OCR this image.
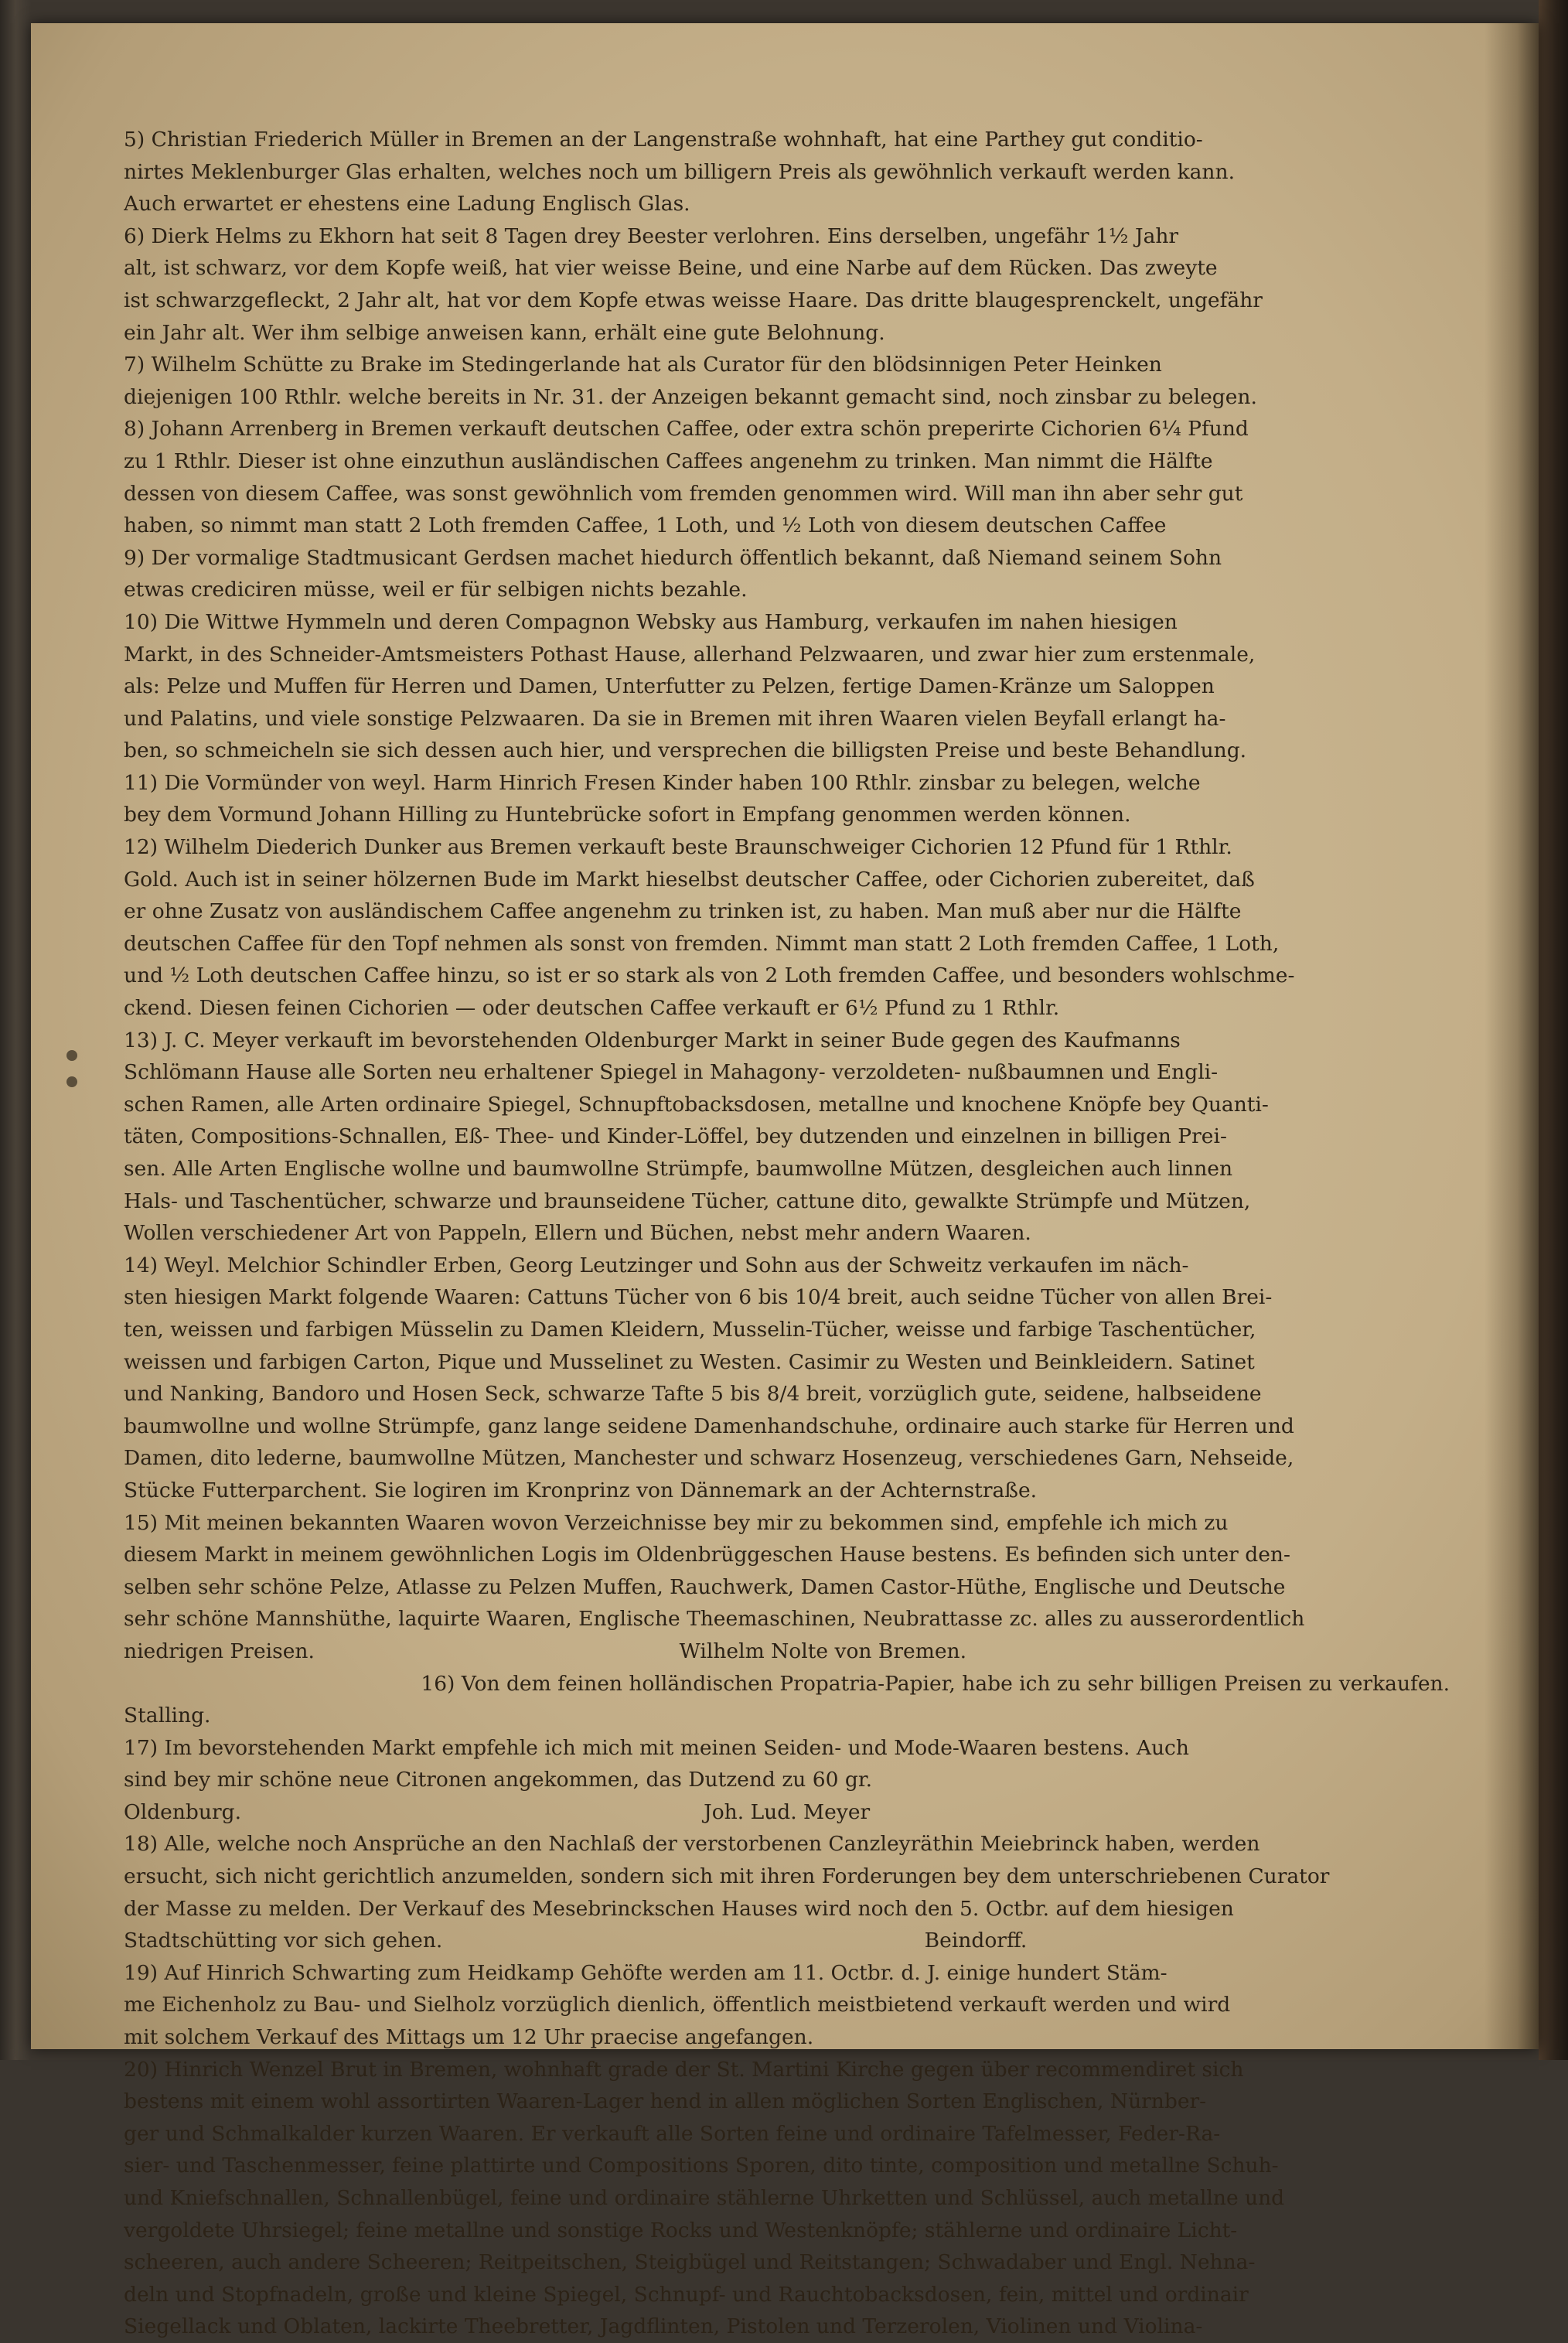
5) Christian Friederich Müller in Bremen an der Langenstraße wohnhaft, hat eine Parthey gut conditio-
nirtes Meklenburger Glas erhalten, welches noch um billigern Preis als gewöhnlich verkauft werden kann.
Auch erwartet er ehestens eine Ladung Englisch Glas.
6) Dierk Helms zu Ekhorn hat seit 8 Tagen drey Beester verlohren. Eins derselben, ungefähr 1½ Jahr
alt, ist schwarz, vor dem Kopfe weiß, hat vier weisse Beine, und eine Narbe auf dem Rücken. Das zweyte
ist schwarzgefleckt, 2 Jahr alt, hat vor dem Kopfe etwas weisse Haare. Das dritte blaugesprenckelt, ungefähr
ein Jahr alt. Wer ihm selbige anweisen kann, erhält eine gute Belohnung.
7) Wilhelm Schütte zu Brake im Stedingerlande hat als Curator für den blödsinnigen Peter Heinken
diejenigen 100 Rthlr. welche bereits in Nr. 31. der Anzeigen bekannt gemacht sind, noch zinsbar zu belegen.
8) Johann Arrenberg in Bremen verkauft deutschen Caffee, oder extra schön preperirte Cichorien 6¼ Pfund
zu 1 Rthlr. Dieser ist ohne einzuthun ausländischen Caffees angenehm zu trinken. Man nimmt die Hälfte
dessen von diesem Caffee, was sonst gewöhnlich vom fremden genommen wird. Will man ihn aber sehr gut
haben, so nimmt man statt 2 Loth fremden Caffee, 1 Loth, und ½ Loth von diesem deutschen Caffee
9) Der vormalige Stadtmusicant Gerdsen machet hiedurch öffentlich bekannt, daß Niemand seinem Sohn
etwas crediciren müsse, weil er für selbigen nichts bezahle.
10) Die Wittwe Hymmeln und deren Compagnon Websky aus Hamburg, verkaufen im nahen hiesigen
Markt, in des Schneider-Amtsmeisters Pothast Hause, allerhand Pelzwaaren, und zwar hier zum erstenmale,
als: Pelze und Muffen für Herren und Damen, Unterfutter zu Pelzen, fertige Damen-Kränze um Saloppen
und Palatins, und viele sonstige Pelzwaaren. Da sie in Bremen mit ihren Waaren vielen Beyfall erlangt ha-
ben, so schmeicheln sie sich dessen auch hier, und versprechen die billigsten Preise und beste Behandlung.
11) Die Vormünder von weyl. Harm Hinrich Fresen Kinder haben 100 Rthlr. zinsbar zu belegen, welche
bey dem Vormund Johann Hilling zu Huntebrücke sofort in Empfang genommen werden können.
12) Wilhelm Diederich Dunker aus Bremen verkauft beste Braunschweiger Cichorien 12 Pfund für 1 Rthlr.
Gold. Auch ist in seiner hölzernen Bude im Markt hieselbst deutscher Caffee, oder Cichorien zubereitet, daß
er ohne Zusatz von ausländischem Caffee angenehm zu trinken ist, zu haben. Man muß aber nur die Hälfte
deutschen Caffee für den Topf nehmen als sonst von fremden. Nimmt man statt 2 Loth fremden Caffee, 1 Loth,
und ½ Loth deutschen Caffee hinzu, so ist er so stark als von 2 Loth fremden Caffee, und besonders wohlschme-
ckend. Diesen feinen Cichorien — oder deutschen Caffee verkauft er 6½ Pfund zu 1 Rthlr.
13) J. C. Meyer verkauft im bevorstehenden Oldenburger Markt in seiner Bude gegen des Kaufmanns
Schlömann Hause alle Sorten neu erhaltener Spiegel in Mahagony- verzoldeten- nußbaumnen und Engli-
schen Ramen, alle Arten ordinaire Spiegel, Schnupftobacksdosen, metallne und knochene Knöpfe bey Quanti-
täten, Compositions-Schnallen, Eß- Thee- und Kinder-Löffel, bey dutzenden und einzelnen in billigen Prei-
sen. Alle Arten Englische wollne und baumwollne Strümpfe, baumwollne Mützen, desgleichen auch linnen
Hals- und Taschentücher, schwarze und braunseidene Tücher, cattune dito, gewalkte Strümpfe und Mützen,
Wollen verschiedener Art von Pappeln, Ellern und Büchen, nebst mehr andern Waaren.
14) Weyl. Melchior Schindler Erben, Georg Leutzinger und Sohn aus der Schweitz verkaufen im näch-
sten hiesigen Markt folgende Waaren: Cattuns Tücher von 6 bis 10/4 breit, auch seidne Tücher von allen Brei-
ten, weissen und farbigen Müsselin zu Damen Kleidern, Musselin-Tücher, weisse und farbige Taschentücher,
weissen und farbigen Carton, Pique und Musselinet zu Westen. Casimir zu Westen und Beinkleidern. Satinet
und Nanking, Bandoro und Hosen Seck, schwarze Tafte 5 bis 8/4 breit, vorzüglich gute, seidene, halbseidene
baumwollne und wollne Strümpfe, ganz lange seidene Damenhandschuhe, ordinaire auch starke für Herren und
Damen, dito lederne, baumwollne Mützen, Manchester und schwarz Hosenzeug, verschiedenes Garn, Nehseide,
Stücke Futterparchent. Sie logiren im Kronprinz von Dännemark an der Achternstraße.
15) Mit meinen bekannten Waaren wovon Verzeichnisse bey mir zu bekommen sind, empfehle ich mich zu
diesem Markt in meinem gewöhnlichen Logis im Oldenbrüggeschen Hause bestens. Es befinden sich unter den-
selben sehr schöne Pelze, Atlasse zu Pelzen Muffen, Rauchwerk, Damen Castor-Hüthe, Englische und Deutsche
sehr schöne Mannshüthe, laquirte Waaren, Englische Theemaschinen, Neubrattasse zc. alles zu ausserordentlich
niedrigen Preisen.                                                        Wilhelm Nolte von Bremen.
16) Von dem feinen holländischen Propatria-Papier, habe ich zu sehr billigen Preisen zu verkaufen.
Stalling.
17) Im bevorstehenden Markt empfehle ich mich mit meinen Seiden- und Mode-Waaren bestens. Auch
sind bey mir schöne neue Citronen angekommen, das Dutzend zu 60 gr.
Oldenburg.                                                                       Joh. Lud. Meyer
18) Alle, welche noch Ansprüche an den Nachlaß der verstorbenen Canzleyräthin Meiebrinck haben, werden
ersucht, sich nicht gerichtlich anzumelden, sondern sich mit ihren Forderungen bey dem unterschriebenen Curator
der Masse zu melden. Der Verkauf des Mesebrinckschen Hauses wird noch den 5. Octbr. auf dem hiesigen
Stadtschütting vor sich gehen.                                                                          Beindorff.
19) Auf Hinrich Schwarting zum Heidkamp Gehöfte werden am 11. Octbr. d. J. einige hundert Stäm-
me Eichenholz zu Bau- und Sielholz vorzüglich dienlich, öffentlich meistbietend verkauft werden und wird
mit solchem Verkauf des Mittags um 12 Uhr praecise angefangen.
20) Hinrich Wenzel Brut in Bremen, wohnhaft grade der St. Martini Kirche gegen über recommendiret sich
bestens mit einem wohl assortirten Waaren-Lager hend in allen möglichen Sorten Englischen, Nürnber-
ger und Schmalkalder kurzen Waaren. Er verkauft alle Sorten feine und ordinaire Tafelmesser, Feder-Ra-
sier- und Taschenmesser, feine plattirte und Compositions Sporen, dito tinte, composition und metallne Schuh-
und Kniefschnallen, Schnallenbügel, feine und ordinaire stählerne Uhrketten und Schlüssel, auch metallne und
vergoldete Uhrsiegel; feine metallne und sonstige Rocks und Westenknöpfe; stählerne und ordinaire Licht-
scheeren, auch andere Scheeren; Reitpeitschen, Steigbügel und Reitstangen; Schwadaber und Engl. Nehna-
deln und Stopfnadeln, große und kleine Spiegel, Schnupf- und Rauchtobacksdosen, fein, mittel und ordinair
Siegellack und Oblaten, lackirte Theebretter, Jagdflinten, Pistolen und Terzerolen, Violinen und Violina-
